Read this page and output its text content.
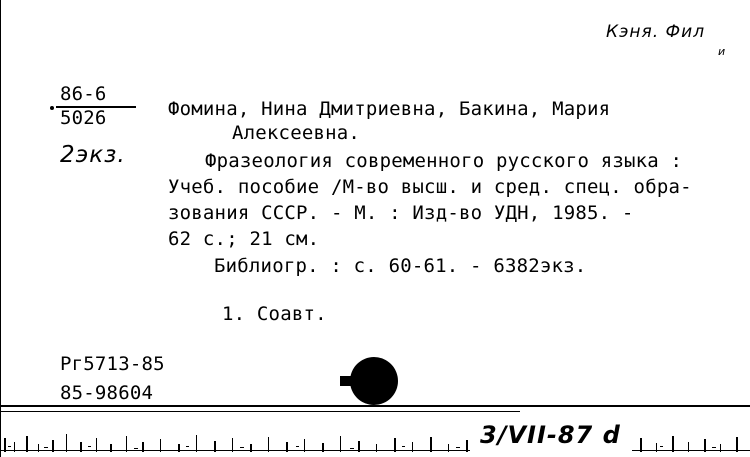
Кэня. Фил
и
86-6
5026
2экз.
Фомина, Нина Дмитриевна, Бакина, Мария
Алексеевна.
Фразеология современного русского языка :
Учеб. пособие /М-во высш. и сред. спец. обра-
зования СССР. - М. : Изд-во УДН, 1985. -
62 с.; 21 см.
Библиогр. : с. 60-61. - 6382экз.
1. Соавт.
Рг5713-85
85-98604
3/VII-87 d
